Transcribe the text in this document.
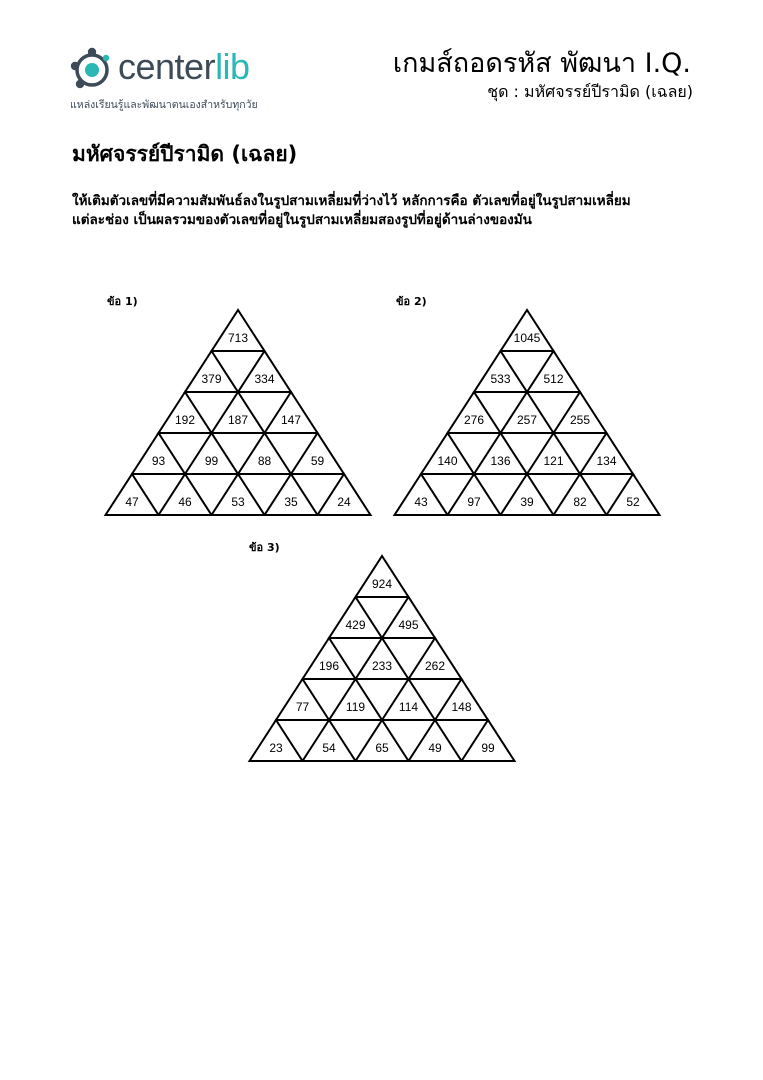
centerlib
แหล่งเรียนรู้และพัฒนาตนเองสำหรับทุกวัย
เกมส์ถอดรหัส พัฒนา I.Q.
ชุด : มหัศจรรย์ปีรามิด (เฉลย)
มหัศจรรย์ปีรามิด (เฉลย)
ให้เติมตัวเลขที่มีความสัมพันธ์ลงในรูปสามเหลี่ยมที่ว่างไว้ หลักการคือ ตัวเลขที่อยู่ในรูปสามเหลี่ยม
แต่ละช่อง เป็นผลรวมของตัวเลขที่อยู่ในรูปสามเหลี่ยมสองรูปที่อยู่ด้านล่างของมัน
ข้อ 1)	ข้อ 2)
ข้อ 3)
713
379	334
192	187	147
93	99	88	59
47	46	53	35	24
1045
533	512
276	257	255
140	136	121	134
43	97	39	82	52
924
429	495
196	233	262
77	119	114	148
23	54	65	49	99
